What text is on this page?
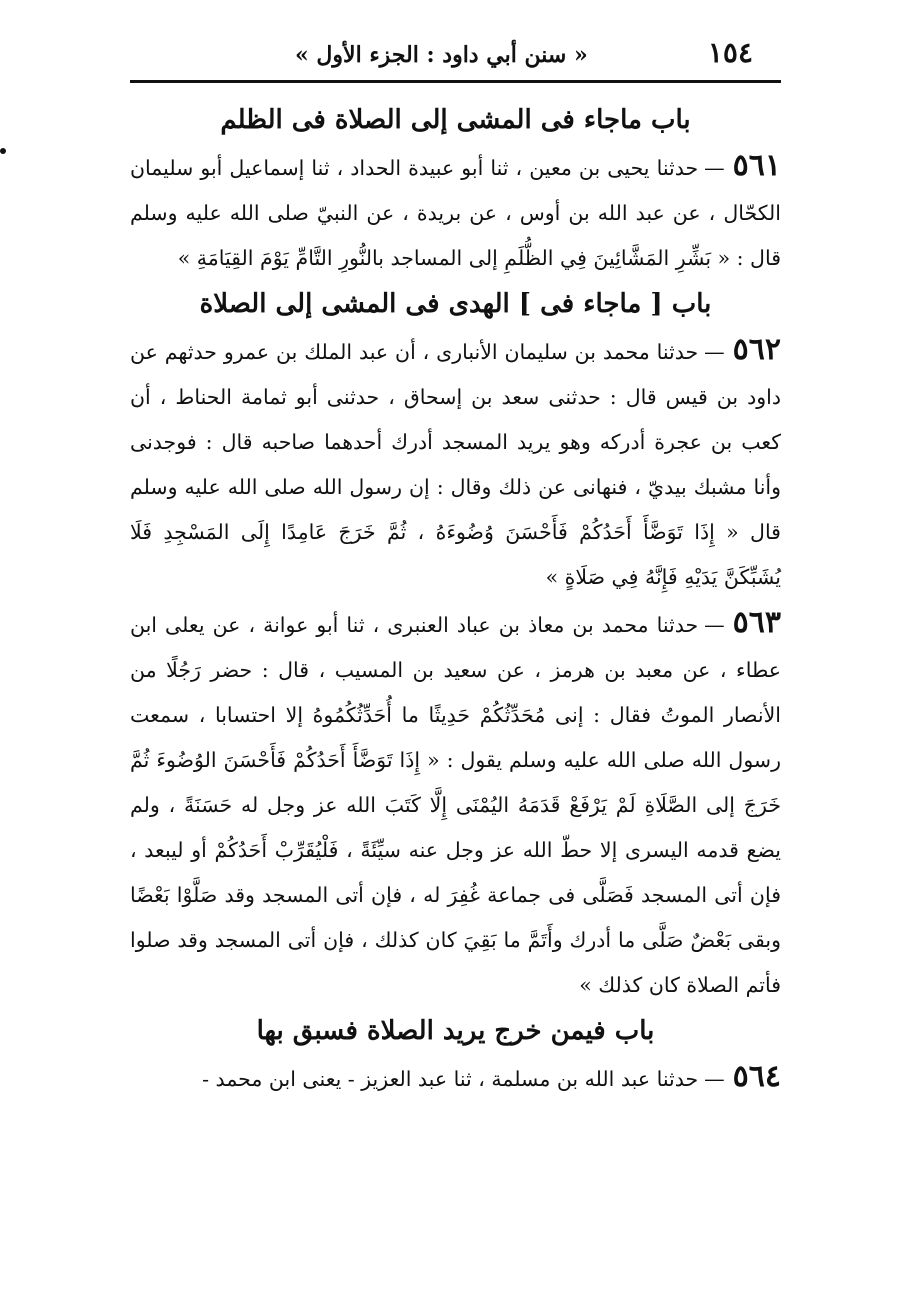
١٥٤
« سنن أبي داود : الجزء الأول »

باب ماجاء فى المشى إلى الصلاة فى الظلم

٥٦١—حدثنا يحيى بن معين ، ثنا أبو عبيدة الحداد ، ثنا إسماعيل أبو سليمان الكحّال ، عن عبد الله بن أوس ، عن بريدة ، عن النبيّ صلى الله عليه وسلم قال : « بَشِّرِ المَشَّائِينَ فِي الظُّلَمِ إلى المساجد بالنُّورِ التَّامِّ يَوْمَ القِيَامَةِ »

باب [ ماجاء فى ] الهدى فى المشى إلى الصلاة

٥٦٢—حدثنا محمد بن سليمان الأنبارى ، أن عبد الملك بن عمرو حدثهم عن داود بن قيس قال : حدثنى سعد بن إسحاق ، حدثنى أبو ثمامة الحناط ، أن كعب بن عجرة أدركه وهو يريد المسجد أدرك أحدهما صاحبه قال : فوجدنى وأنا مشبك بيديّ ، فنهانى عن ذلك وقال : إن رسول الله صلى الله عليه وسلم قال « إِذَا تَوَضَّأَ أَحَدُكُمْ فَأَحْسَنَ وُضُوءَهُ ، ثُمَّ خَرَجَ عَامِدًا إِلَى المَسْجِدِ فَلَا يُشَبِّكَنَّ يَدَيْهِ فَإِنَّهُ فِي صَلَاةٍ »

٥٦٣—حدثنا محمد بن معاذ بن عباد العنبرى ، ثنا أبو عوانة ، عن يعلى ابن عطاء ، عن معبد بن هرمز ، عن سعيد بن المسيب ، قال : حضر رَجُلًا من الأنصار الموتُ فقال : إنى مُحَدِّثُكُمْ حَدِيثًا ما أُحَدِّثُكُمُوهُ إلا احتسابا ، سمعت رسول الله صلى الله عليه وسلم يقول : « إِذَا تَوَضَّأَ أَحَدُكُمْ فَأَحْسَنَ الوُضُوءَ ثُمَّ خَرَجَ إلى الصَّلَاةِ لَمْ يَرْفَعْ قَدَمَهُ اليُمْنَى إِلَّا كَتَبَ الله عز وجل له حَسَنَةً ، ولم يضع قدمه اليسرى إلا حطّ الله عز وجل عنه سيِّئَةً ، فَلْيُقَرِّبْ أَحَدُكُمْ أو ليبعد ، فإن أتى المسجد فَصَلَّى فى جماعة غُفِرَ له ، فإن أتى المسجد وقد صَلَّوْا بَعْضًا وبقى بَعْضٌ صَلَّى ما أدرك وأَتَمَّ ما بَقِيَ كان كذلك ، فإن أتى المسجد وقد صلوا فأتم الصلاة كان كذلك »

باب فيمن خرج يريد الصلاة فسبق بها

٥٦٤—حدثنا عبد الله بن مسلمة ، ثنا عبد العزيز - يعنى ابن محمد -
